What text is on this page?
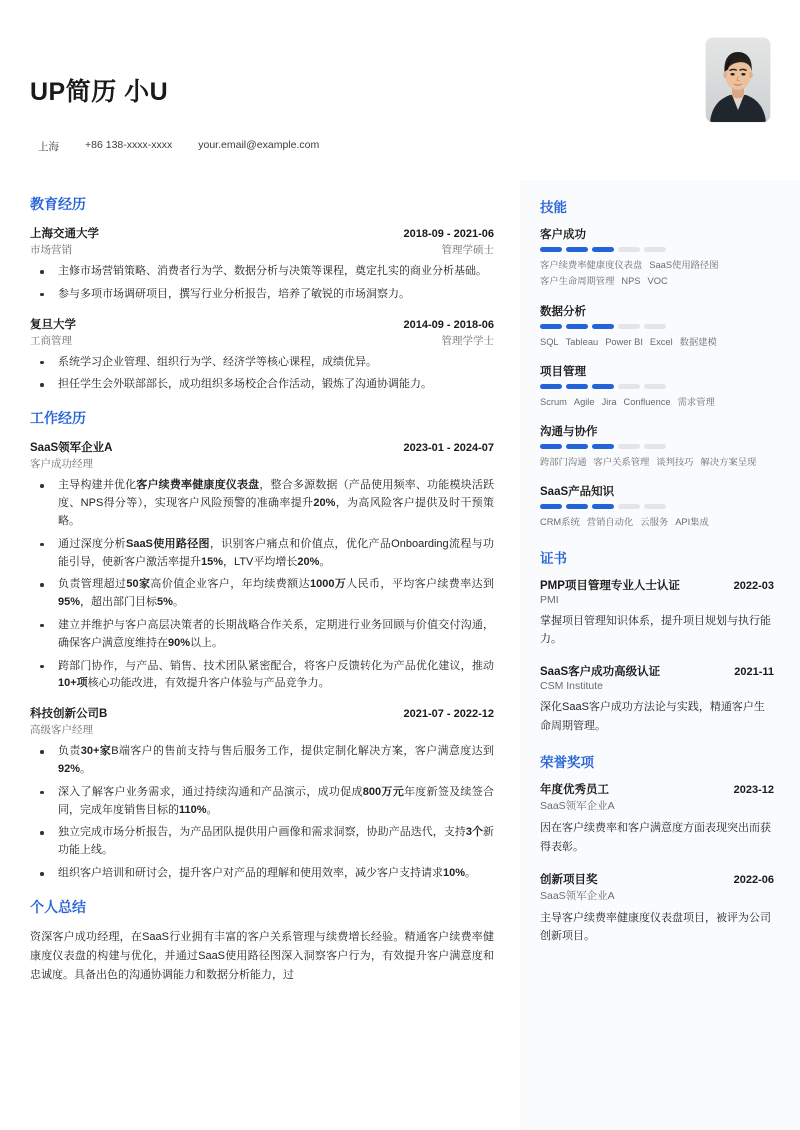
UP简历 小U
上海 +86 138-xxxx-xxxx your.email@example.com
教育经历
上海交通大学	2018-09 - 2021-06
市场营销	管理学硕士
主修市场营销策略、消费者行为学、数据分析与决策等课程，奠定扎实的商业分析基础。
参与多项市场调研项目，撰写行业分析报告，培养了敏锐的市场洞察力。
复旦大学	2014-09 - 2018-06
工商管理	管理学学士
系统学习企业管理、组织行为学、经济学等核心课程，成绩优异。
担任学生会外联部部长，成功组织多场校企合作活动，锻炼了沟通协调能力。
工作经历
SaaS领军企业A	2023-01 - 2024-07
客户成功经理
主导构建并优化客户续费率健康度仪表盘，整合多源数据（产品使用频率、功能模块活跃度、NPS得分等），实现客户风险预警的准确率提升20%，为高风险客户提供及时干预策略。
通过深度分析SaaS使用路径图，识别客户痛点和价值点，优化产品Onboarding流程与功能引导，使新客户激活率提升15%，LTV平均增长20%。
负责管理超过50家高价值企业客户，年均续费额达1000万人民币，平均客户续费率达到95%，超出部门目标5%。
建立并维护与客户高层决策者的长期战略合作关系，定期进行业务回顾与价值交付沟通，确保客户满意度维持在90%以上。
跨部门协作，与产品、销售、技术团队紧密配合，将客户反馈转化为产品优化建议，推动10+项核心功能改进，有效提升客户体验与产品竞争力。
科技创新公司B	2021-07 - 2022-12
高级客户经理
负责30+家B端客户的售前支持与售后服务工作，提供定制化解决方案，客户满意度达到92%。
深入了解客户业务需求，通过持续沟通和产品演示，成功促成800万元年度新签及续签合同，完成年度销售目标的110%。
独立完成市场分析报告，为产品团队提供用户画像和需求洞察，协助产品迭代，支持3个新功能上线。
组织客户培训和研讨会，提升客户对产品的理解和使用效率，减少客户支持请求10%。
个人总结
资深客户成功经理，在SaaS行业拥有丰富的客户关系管理与续费增长经验。精通客户续费率健康度仪表盘的构建与优化，并通过SaaS使用路径图深入洞察客户行为，有效提升客户满意度和忠诚度。具备出色的沟通协调能力和数据分析能力，过
技能
客户成功
客户续费率健康度仪表盘 SaaS使用路径图客户生命周期管理 NPS VOC
数据分析
SQL Tableau Power BI Excel 数据建模
项目管理
Scrum Agile Jira Confluence 需求管理
沟通与协作
跨部门沟通 客户关系管理 谈判技巧 解决方案呈现
SaaS产品知识
CRM系统 营销自动化 云服务 API集成
证书
PMP项目管理专业人士认证	2022-03
PMI
掌握项目管理知识体系，提升项目规划与执行能力。
SaaS客户成功高级认证	2021-11
CSM Institute
深化SaaS客户成功方法论与实践，精通客户生命周期管理。
荣誉奖项
年度优秀员工	2023-12
SaaS领军企业A
因在客户续费率和客户满意度方面表现突出而获得表彰。
创新项目奖	2022-06
SaaS领军企业A
主导客户续费率健康度仪表盘项目，被评为公司创新项目。
